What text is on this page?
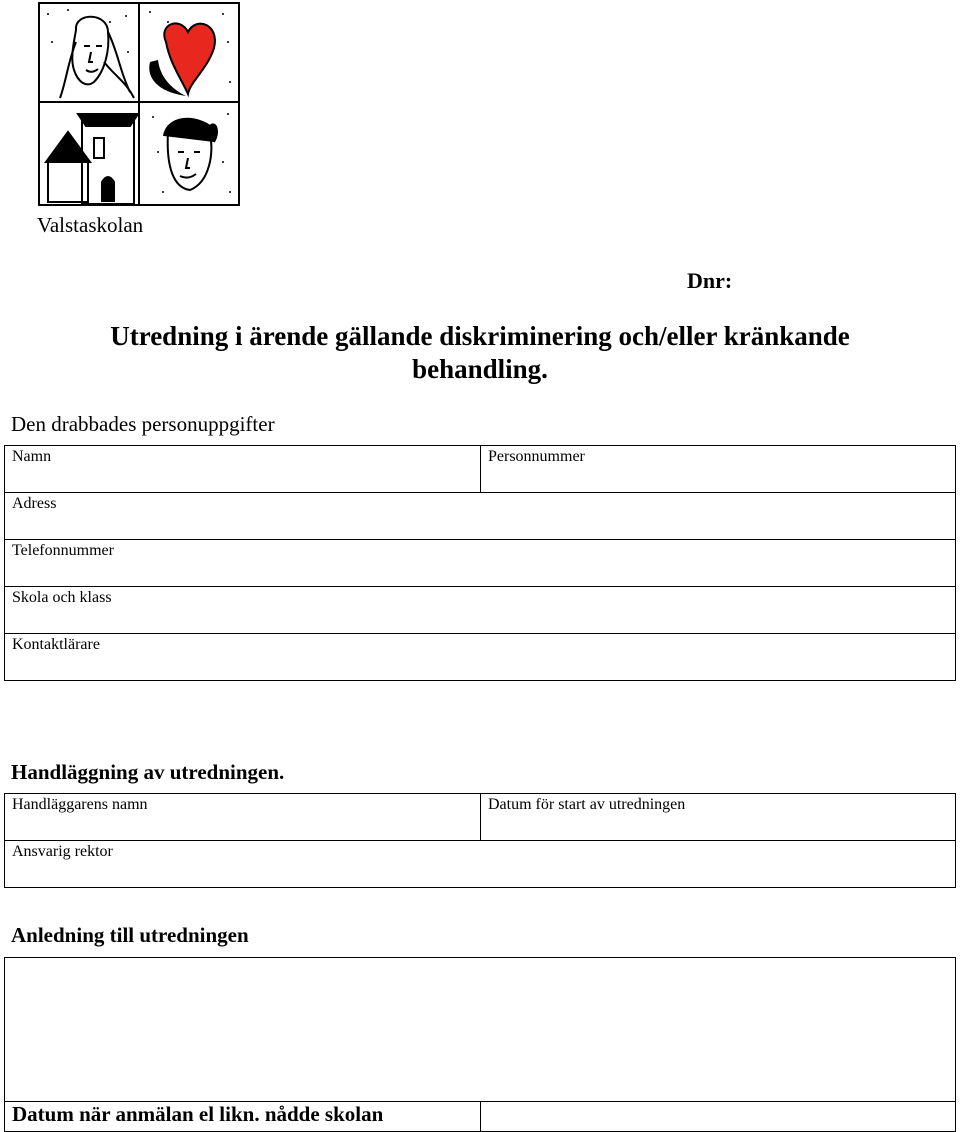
Valstaskolan
Dnr:
Utredning i ärende gällande diskriminering och/eller kränkande
behandling.
Den drabbades personuppgifter
Namn	Personnummer
Adress
Telefonnummer
Skola och klass
Kontaktlärare
Handläggning av utredningen.
Handläggarens namn	Datum för start av utredningen
Ansvarig rektor
Anledning till utredningen
Datum när anmälan el likn. nådde skolan	
